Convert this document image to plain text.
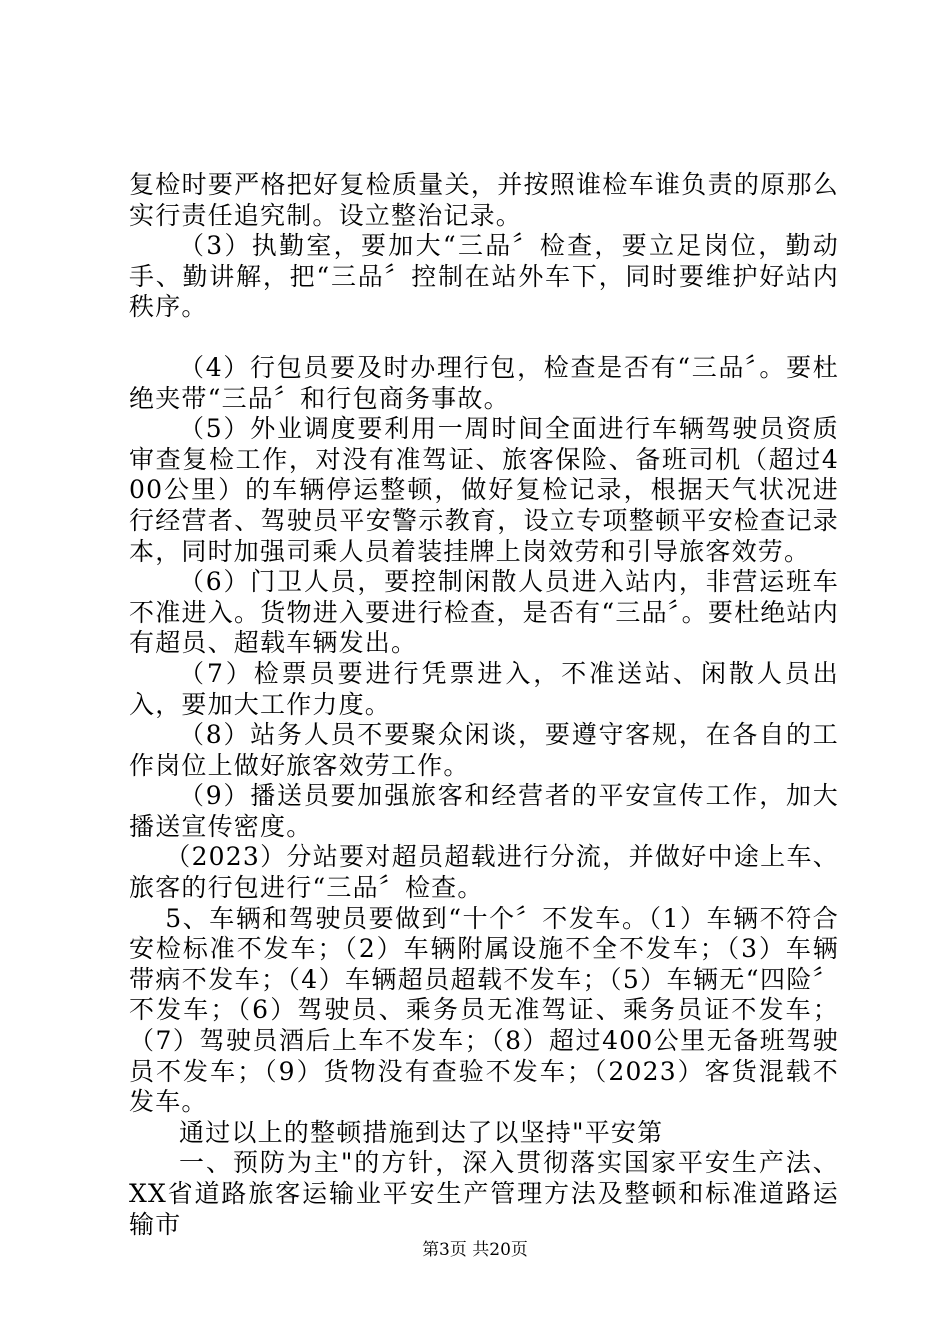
复检时要严格把好复检质量关，并按照谁检车谁负责的原那么实行责任追究制。设立整治记录。

（3）执勤室，要加大“三品〞检查，要立足岗位，勤动手、勤讲解，把“三品〞控制在站外车下，同时要维护好站内秩序。

（4）行包员要及时办理行包，检查是否有“三品〞。要杜绝夹带“三品〞和行包商务事故。

（5）外业调度要利用一周时间全面进行车辆驾驶员资质审查复检工作，对没有准驾证、旅客保险、备班司机（超过400公里）的车辆停运整顿，做好复检记录，根据天气状况进行经营者、驾驶员平安警示教育，设立专项整顿平安检查记录本，同时加强司乘人员着装挂牌上岗效劳和引导旅客效劳。

（6）门卫人员，要控制闲散人员进入站内，非营运班车不准进入。货物进入要进行检查，是否有“三品〞。要杜绝站内有超员、超载车辆发出。

（7）检票员要进行凭票进入，不准送站、闲散人员出入，要加大工作力度。

（8）站务人员不要聚众闲谈，要遵守客规，在各自的工作岗位上做好旅客效劳工作。

（9）播送员要加强旅客和经营者的平安宣传工作，加大播送宣传密度。

（2023）分站要对超员超载进行分流，并做好中途上车、旅客的行包进行“三品〞检查。

5、车辆和驾驶员要做到“十个〞不发车。（1）车辆不符合安检标准不发车；（2）车辆附属设施不全不发车；（3）车辆带病不发车；（4）车辆超员超载不发车；（5）车辆无“四险〞不发车；（6）驾驶员、乘务员无准驾证、乘务员证不发车；（7）驾驶员酒后上车不发车；（8）超过400公里无备班驾驶员不发车；（9）货物没有查验不发车；（2023）客货混载不发车。

通过以上的整顿措施到达了以坚持"平安第

一、预防为主"的方针，深入贯彻落实国家平安生产法、XX省道路旅客运输业平安生产管理方法及整顿和标准道路运输市

第3页 共20页
